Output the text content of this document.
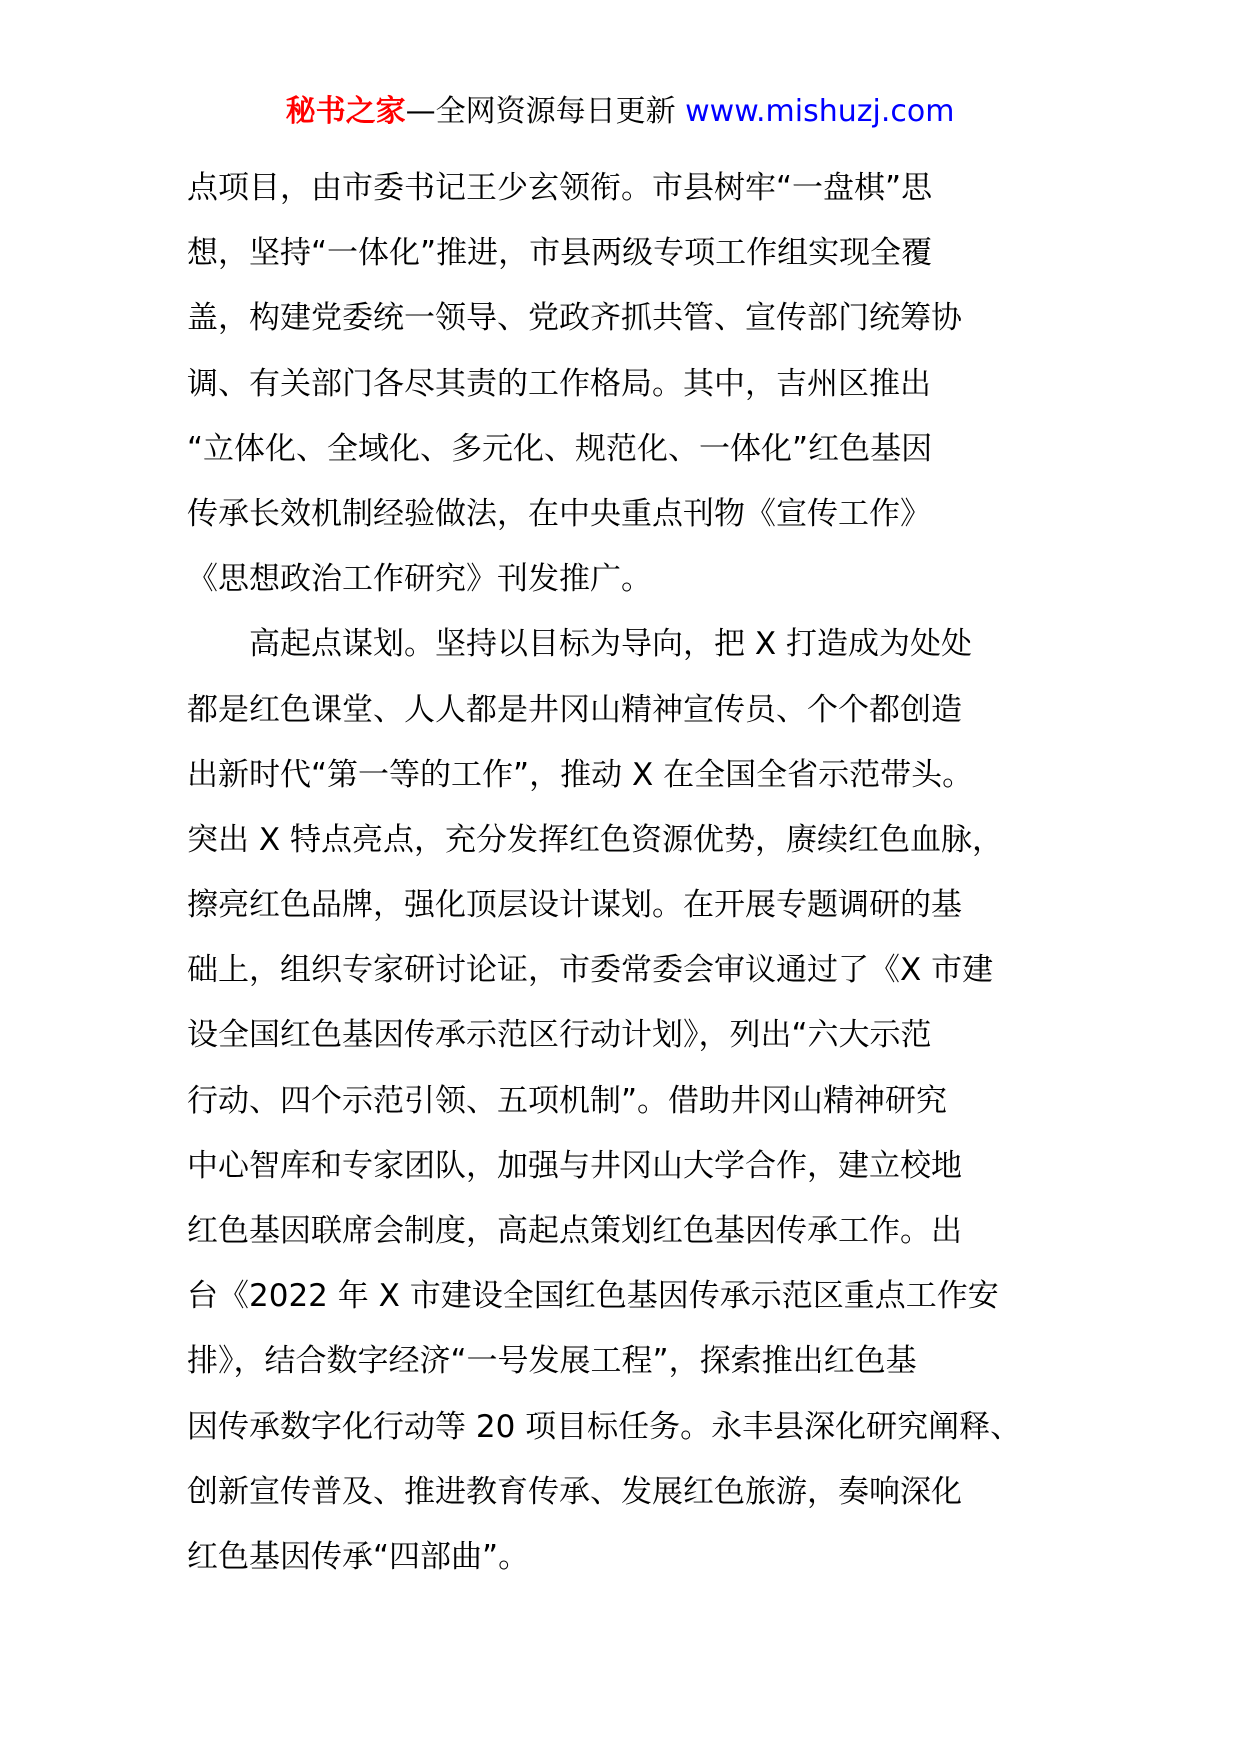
秘书之家—全网资源每日更新 www.mishuzj.com
点项目，由市委书记王少玄领衔。市县树牢“一盘棋”思
想，坚持“一体化”推进，市县两级专项工作组实现全覆
盖，构建党委统一领导、党政齐抓共管、宣传部门统筹协
调、有关部门各尽其责的工作格局。其中，吉州区推出
“立体化、全域化、多元化、规范化、一体化”红色基因
传承长效机制经验做法，在中央重点刊物《宣传工作》
《思想政治工作研究》刊发推广。
　　高起点谋划。坚持以目标为导向，把 X 打造成为处处
都是红色课堂、人人都是井冈山精神宣传员、个个都创造
出新时代“第一等的工作”，推动 X 在全国全省示范带头。
突出 X 特点亮点，充分发挥红色资源优势，赓续红色血脉，
擦亮红色品牌，强化顶层设计谋划。在开展专题调研的基
础上，组织专家研讨论证，市委常委会审议通过了《X 市建
设全国红色基因传承示范区行动计划》，列出“六大示范
行动、四个示范引领、五项机制”。借助井冈山精神研究
中心智库和专家团队，加强与井冈山大学合作，建立校地
红色基因联席会制度，高起点策划红色基因传承工作。出
台《2022 年 X 市建设全国红色基因传承示范区重点工作安
排》，结合数字经济“一号发展工程”，探索推出红色基
因传承数字化行动等 20 项目标任务。永丰县深化研究阐释、
创新宣传普及、推进教育传承、发展红色旅游，奏响深化
红色基因传承“四部曲”。
